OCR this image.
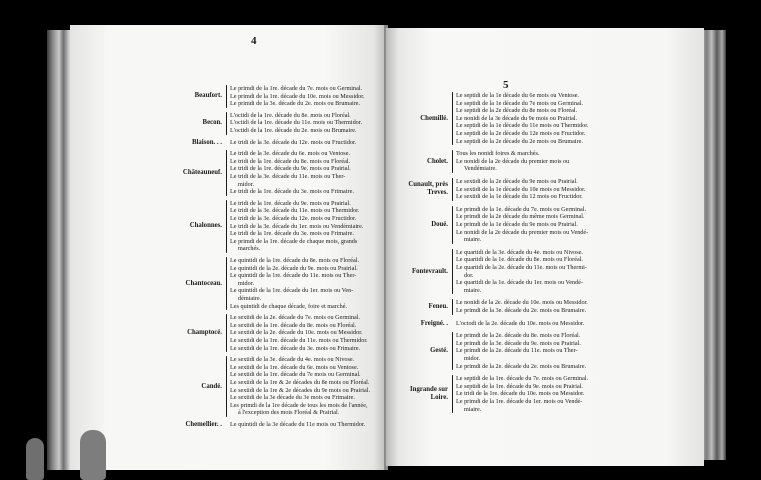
4
Beaufort.
Le primdi de la 1re. décade du 7e. mois ou Germinal.
Le primdi de la 1re. décade du 10e. mois ou Messidor.
Le primdi de la 3e. décade du 2e. mois ou Brumaire.
Becon.
L'octidi de la 1re. décade du 8e. mois ou Floréal.
L'octidi de la 1re. décade du 11e. mois ou Thermidor.
L'octidi de la 1re. décade du 2e. mois ou Brumaire.
Blaison. . . Le tridi de la 3e. décade du 12e. mois ou Fructidor.
Châteauneuf.
Le tridi de la 3e. décade du 6e. mois ou Ventose.
Le tridi de la 1re. décade du 8e. mois ou Floréal.
Le tridi de la 1re. décade du 9e. mois ou Prairial.
Le tridi de la 3e. décade du 11e. mois ou Ther-
midor.
Le tridi de la 1re. décade du 3e. mois ou Frimaire.
Chalonnes.
Le tridi de la 1re. décade du 9e. mois ou Prairial.
Le tridi de la 3e. décade du 11e. mois ou Thermidor.
Le tridi de la 3e. décade du 12e. mois ou Fructidor.
Le tridi de la 3e. décade du 1er. mois ou Vendémiaire.
Le tridi de la 1re. décade du 3e. mois ou Frimaire.
Le primdi de la 1re. décade de chaque mois, grands
marchés.
Chantoceau.
Le quintidi de la 1re. décade du 8e. mois ou Floréal.
Le quintidi de la 2e. décade du 9e. mois ou Prairial.
Le quintidi de la 1re. décade du 11e. mois ou Ther-
midor.
Le quintidi de la 1re. décade du 1er. mois ou Ven-
démiaire.
Les quintidi de chaque décade, foire et marché.
Champtocé.
Le sextidi de la 2e. décade du 7e. mois ou Germinal.
Le sextidi de la 1re. décade du 8e. mois ou Floréal.
Le sextidi de la 2e. décade du 10e. mois ou Messidor.
Le sextidi de la 1re. décade du 11e. mois ou Thermidor.
Le sextidi de la 1re. décade du 3e. mois ou Frimaire.
Candé.
Le sextidi de la 3e. décade du 4e. mois ou Nivose.
Le sextidi de la 1re. décade du 6e. mois ou Ventose.
Le sextidi de la 1re. décade du 7e mois ou Germinal.
Le sextidi de la 1re & 2e décades du 8e mois ou Floréal.
Le sextidi de la 1re & 2e décades du 9e mois ou Prairial.
Le sextidi de la 3e décade du 3e mois ou Frimaire.
Les primdi de la 1re décade de tous les mois de l'année,
à l'exception des mois Floréal & Prairial.
Chemellier. . Le quintidi de la 3e décade du 11e mois ou Thermidor.
5
Chemillé.
Le septidi de la 1e décade du 6e mois ou Ventose.
Le septidi de la 1e décade du 7e mois ou Germinal.
Le septidi de la 2e décade du 8e mois ou Floréal.
Le nonidi de la 3e décade du 9e mois ou Prairial.
Le septidi de la 1e décade du 11e mois ou Thermidor.
Le septidi de la 2e décade du 12e mois ou Fructidor.
Le septidi de la 2e décade du 2e mois ou Brumaire.
Cholet.
Tous les nonidi foires & marchés.
Le nonidi de la 2e décade du premier mois ou
Vendémiaire.
Cunault, près Treves.
Le sextidi de la 2e décade du 9e mois ou Prairial.
Le sextidi de la 1e décade du 10e mois ou Messidor.
Le sextidi de la 1e décade du 12 mois ou Fructidor.
Doué.
Le primdi de la 1e. décade du 7e. mois ou Germinal.
Le primdi de la 2e décade du même mois Germinal.
Le primdi de la 1e décade du 9e mois ou Prairial.
Le nonidi de la 2e décade du premier mois ou Vendé-
miaire.
Fontevrault.
Le quartidi de la 3e. décade du 4e. mois ou Nivose.
Le quartidi de la 1e. décade du 8e. mois ou Floréal.
Le quartidi de la 2e. décade du 11e. mois ou Thermi-
dor.
Le quartidi de la 1e. décade du 1er. mois ou Vendé-
miaire.
Feneu.
Le nonidi de la 2e. décade du 10e. mois ou Messidor.
Le primdi de la 3e. décade du 2e. mois ou Brumaire.
Freigné. . L'octodi de la 2e. décade du 10e. mois ou Messidor.
Gesté.
Le primdi de la 2e. décade du 8e. mois ou Floréal.
Le primdi de la 3e. décade du 9e. mois ou Prairial.
Le primdi de la 2e. décade du 11e. mois ou Ther-
midor.
Le primdi de la 2e. décade du 2e. mois ou Brumaire.
Ingrande sur Loire.
Le septidi de la 1re. décade du 7e. mois ou Germinal.
Le septidi de la 1re. décade du 9e. mois ou Prairial.
Le tridi de la 1re. décade du 10e. mois ou Messidor.
Le primdi de la 1re. décade du 1er. mois ou Vendé-
miaire.
